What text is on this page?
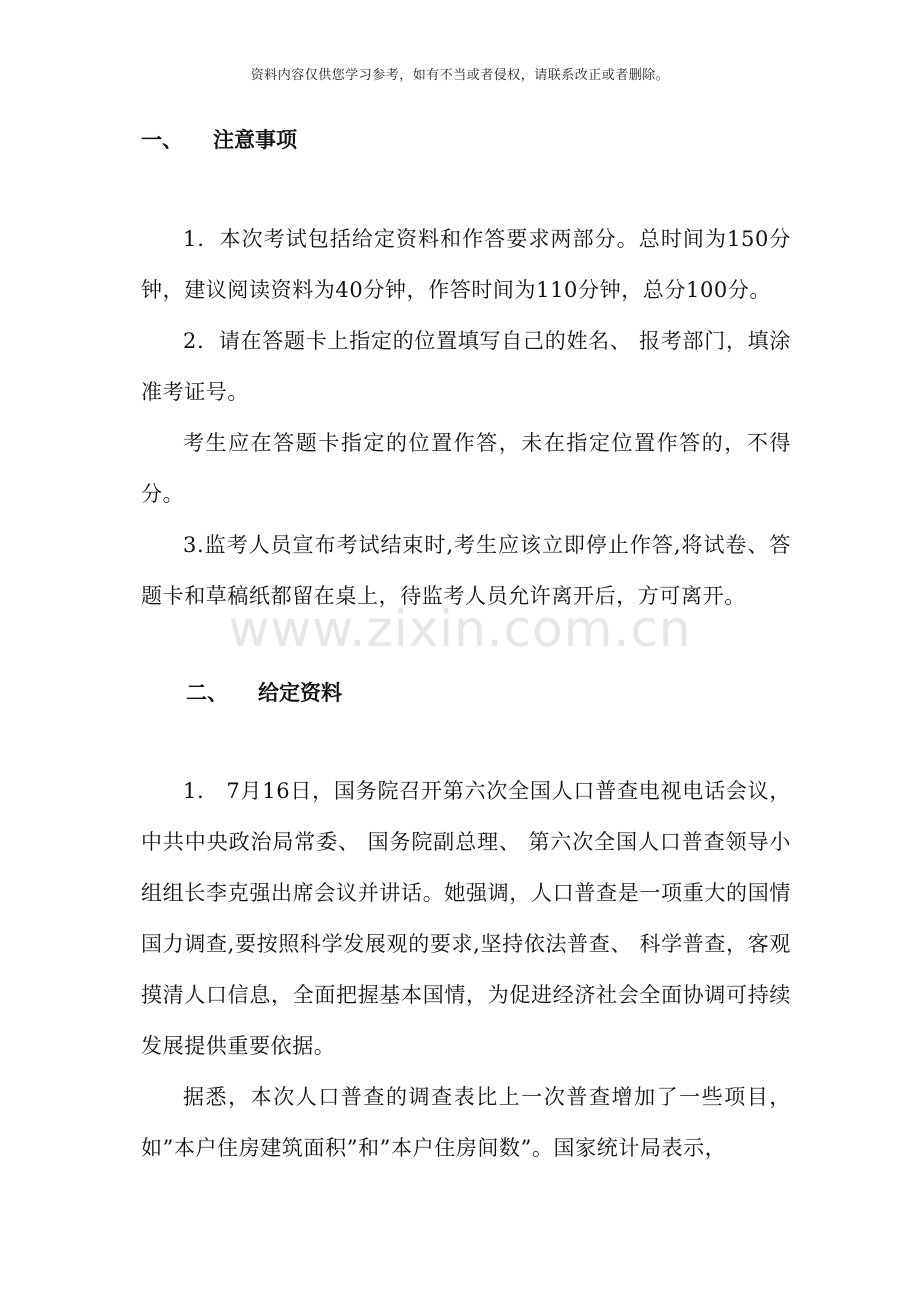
资料内容仅供您学习参考，如有不当或者侵权，请联系改正或者删除。
一、 注意事项
1．本次考试包括给定资料和作答要求两部分。总时间为150分钟，建议阅读资料为40分钟，作答时间为110分钟，总分100分。
2．请在答题卡上指定的位置填写自己的姓名、 报考部门，填涂准考证号。
考生应在答题卡指定的位置作答，未在指定位置作答的，不得分。
3.监考人员宣布考试结束时,考生应该立即停止作答,将试卷、答题卡和草稿纸都留在桌上，待监考人员允许离开后，方可离开。
www.zixin.com.cn
二、 给定资料
1． 7月16日，国务院召开第六次全国人口普查电视电话会议，中共中央政治局常委、 国务院副总理、 第六次全国人口普查领导小组组长李克强出席会议并讲话。她强调，人口普查是一项重大的国情国力调查,要按照科学发展观的要求,坚持依法普查、 科学普查，客观摸清人口信息，全面把握基本国情，为促进经济社会全面协调可持续发展提供重要依据。
据悉，本次人口普查的调查表比上一次普查增加了一些项目，如”本户住房建筑面积”和”本户住房间数”。国家统计局表示，
